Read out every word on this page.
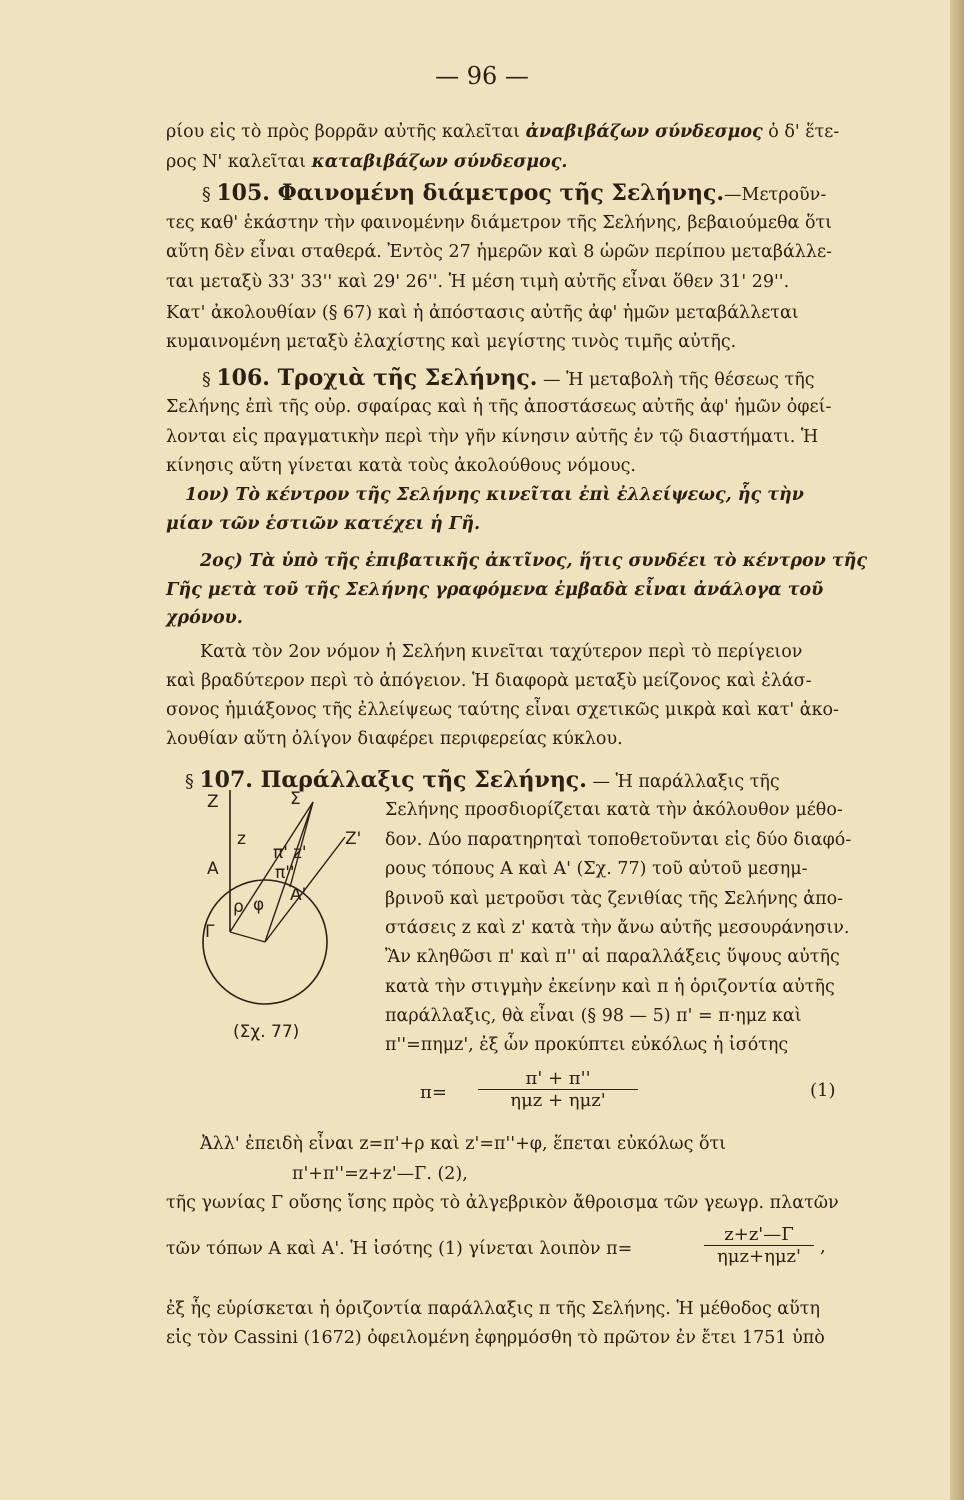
— 96 —
ρίου εἰς τὸ πρὸς βορρᾶν αὐτῆς καλεῖται ἀναβιβάζων σύνδεσμος ὁ δ' ἕτε-
ρος Ν' καλεῖται καταβιβάζων σύνδεσμος.
§ 105. Φαινομένη διάμετρος τῆς Σελήνης.—Μετροῦν-
τες καθ' ἑκάστην τὴν φαινομένην διάμετρον τῆς Σελήνης, βεβαιούμεθα ὅτι
αὕτη δὲν εἶναι σταθερά. Ἐντὸς 27 ἡμερῶν καὶ 8 ὡρῶν περίπου μεταβάλλε-
ται μεταξὺ 33' 33'' καὶ 29' 26''. Ἡ μέση τιμὴ αὐτῆς εἶναι ὅθεν 31' 29''.
Κατ' ἀκολουθίαν (§ 67) καὶ ἡ ἀπόστασις αὐτῆς ἀφ' ἡμῶν μεταβάλλεται
κυμαινομένη μεταξὺ ἐλαχίστης καὶ μεγίστης τινὸς τιμῆς αὐτῆς.
§ 106. Τροχιὰ τῆς Σελήνης. — Ἡ μεταβολὴ τῆς θέσεως τῆς
Σελήνης ἐπὶ τῆς οὐρ. σφαίρας καὶ ἡ τῆς ἀποστάσεως αὐτῆς ἀφ' ἡμῶν ὀφεί-
λονται εἰς πραγματικὴν περὶ τὴν γῆν κίνησιν αὐτῆς ἐν τῷ διαστήματι. Ἡ
κίνησις αὕτη γίνεται κατὰ τοὺς ἀκολούθους νόμους.
1ον) Τὸ κέντρον τῆς Σελήνης κινεῖται ἐπὶ ἐλλείψεως, ἧς τὴν
μίαν τῶν ἑστιῶν κατέχει ἡ Γῆ.
2ος) Τὰ ὑπὸ τῆς ἐπιβατικῆς ἀκτῖνος, ἥτις συνδέει τὸ κέντρον τῆς
Γῆς μετὰ τοῦ τῆς Σελήνης γραφόμενα ἐμβαδὰ εἶναι ἀνάλογα τοῦ
χρόνου.
Κατὰ τὸν 2ον νόμον ἡ Σελήνη κινεῖται ταχύτερον περὶ τὸ περίγειον
καὶ βραδύτερον περὶ τὸ ἀπόγειον. Ἡ διαφορὰ μεταξὺ μείζονος καὶ ἐλάσ-
σονος ἡμιάξονος τῆς ἐλλείψεως ταύτης εἶναι σχετικῶς μικρὰ καὶ κατ' ἀκο-
λουθίαν αὕτη ὀλίγον διαφέρει περιφερείας κύκλου.
§ 107. Παράλλαξις τῆς Σελήνης. — Ἡ παράλλαξις τῆς
Σελήνης προσδιορίζεται κατὰ τὴν ἀκόλουθον μέθο-
δον. Δύο παρατηρηταὶ τοποθετοῦνται εἰς δύο διαφό-
ρους τόπους Α καὶ Α' (Σχ. 77) τοῦ αὐτοῦ μεσημ-
βρινοῦ καὶ μετροῦσι τὰς ζενιθίας τῆς Σελήνης ἀπο-
στάσεις z καὶ z' κατὰ τὴν ἄνω αὐτῆς μεσουράνησιν.
Ἂν κληθῶσι π' καὶ π'' αἱ παραλλάξεις ὕψους αὐτῆς
κατὰ τὴν στιγμὴν ἐκείνην καὶ π ἡ ὁριζοντία αὐτῆς
παράλλαξις, θὰ εἶναι (§ 98 — 5) π' = π·ημz καὶ
π''=πημz', ἐξ ὧν προκύπτει εὐκόλως ἡ ἰσότης
Ἀλλ' ἐπειδὴ εἶναι z=π'+ρ καὶ z'=π''+φ, ἕπεται εὐκόλως ὅτι
π'+π''=z+z'—Γ. (2),
τῆς γωνίας Γ οὔσης ἴσης πρὸς τὸ ἀλγεβρικὸν ἄθροισμα τῶν γεωγρ. πλατῶν
τῶν τόπων Α καὶ Α'. Ἡ ἰσότης (1) γίνεται λοιπὸν π=
ἐξ ἧς εὑρίσκεται ἡ ὁριζοντία παράλλαξις π τῆς Σελήνης. Ἡ μέθοδος αὕτη
εἰς τὸν Cassini (1672) ὀφειλομένη ἐφηρμόσθη τὸ πρῶτον ἐν ἔτει 1751 ὑπὸ
Z	Σ
z	Z'
A
π' z'
π''
ρ φ A'
Γ
(Σχ. 77)
π=
π' + π''
ημz + ημz'	(1)
z+z'—Γ
ημz+ημz'	,
